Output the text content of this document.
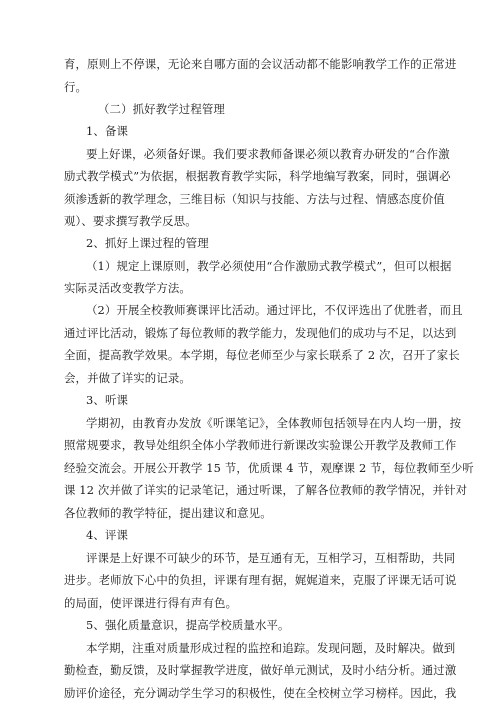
育，原则上不停课，无论来自哪方面的会议活动都不能影响教学工作的正常进
行。
（二）抓好教学过程管理
1、备课
要上好课，必须备好课。我们要求教师备课必须以教育办研发的“合作激
励式教学模式”为依据，根据教育教学实际，科学地编写教案，同时，强调必
须渗透新的教学理念，三维目标（知识与技能、方法与过程、情感态度价值
观）、要求撰写教学反思。
2、抓好上课过程的管理
（1）规定上课原则，教学必须使用“合作激励式教学模式”，但可以根据
实际灵活改变教学方法。
（2）开展全校教师赛课评比活动。通过评比，不仅评选出了优胜者，而且
通过评比活动，锻炼了每位教师的教学能力，发现他们的成功与不足，以达到
全面，提高教学效果。本学期，每位老师至少与家长联系了 2 次，召开了家长
会，并做了详实的记录。
3、听课
学期初，由教育办发放《听课笔记》，全体教师包括领导在内人均一册，按
照常规要求，教导处组织全体小学教师进行新课改实验课公开教学及教师工作
经验交流会。开展公开教学 15 节，优质课 4 节，观摩课 2 节，每位教师至少听
课 12 次并做了详实的记录笔记，通过听课，了解各位教师的教学情况，并针对
各位教师的教学特征，提出建议和意见。
4、评课
评课是上好课不可缺少的环节，是互通有无，互相学习，互相帮助，共同
进步。老师放下心中的负担，评课有理有据，娓娓道来，克服了评课无话可说
的局面，使评课进行得有声有色。
5、强化质量意识，提高学校质量水平。
本学期，注重对质量形成过程的监控和追踪。发现问题，及时解决。做到
勤检查，勤反馈，及时掌握教学进度，做好单元测试，及时小结分析。通过激
励评价途径，充分调动学生学习的积极性，使在全校树立学习榜样。因此，我
